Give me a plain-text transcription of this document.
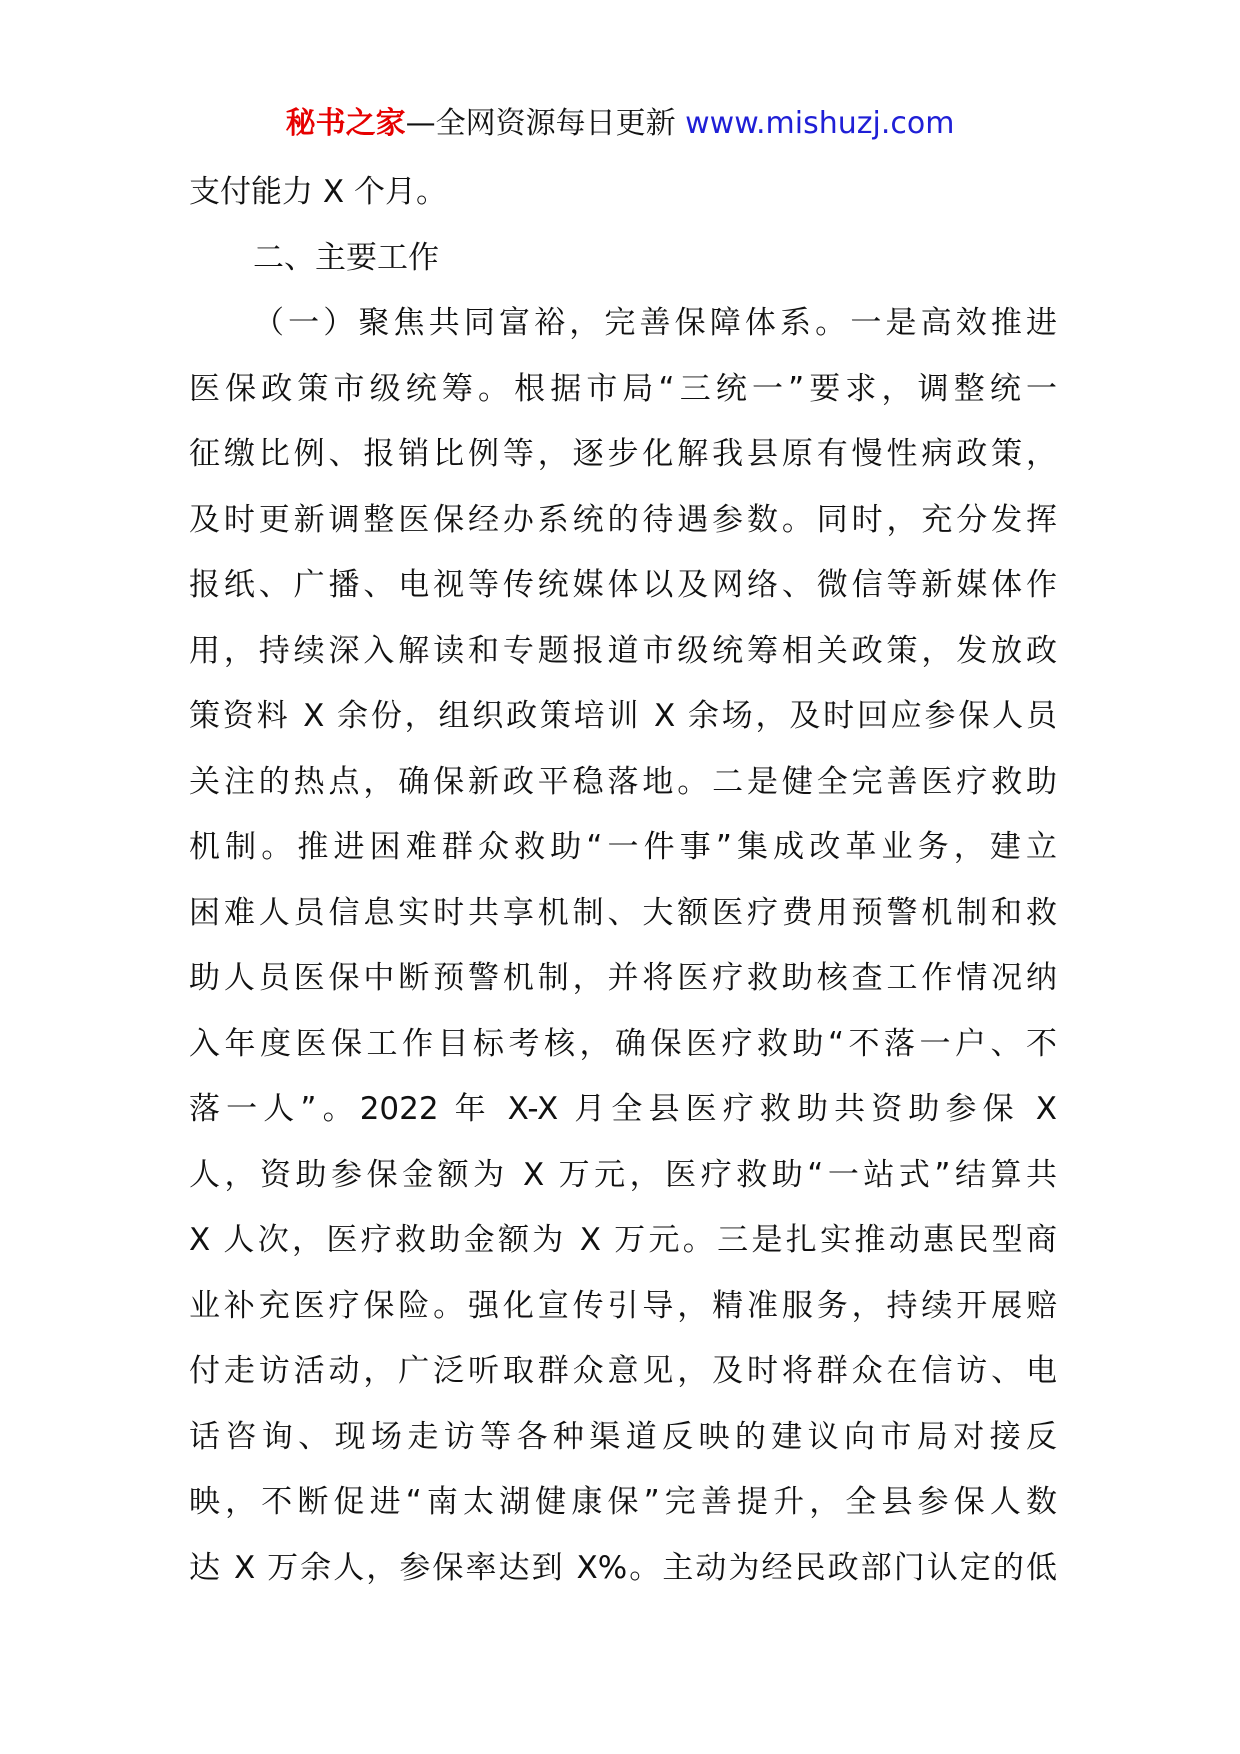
秘书之家—全网资源每日更新 www.mishuzj.com
支付能力 X 个月。
二、主要工作
（一）聚焦共同富裕，完善保障体系。一是高效推进
医保政策市级统筹。根据市局“三统一”要求，调整统一
征缴比例、报销比例等，逐步化解我县原有慢性病政策，
及时更新调整医保经办系统的待遇参数。同时，充分发挥
报纸、广播、电视等传统媒体以及网络、微信等新媒体作
用，持续深入解读和专题报道市级统筹相关政策，发放政
策资料 X 余份，组织政策培训 X 余场，及时回应参保人员
关注的热点，确保新政平稳落地。二是健全完善医疗救助
机制。推进困难群众救助“一件事”集成改革业务，建立
困难人员信息实时共享机制、大额医疗费用预警机制和救
助人员医保中断预警机制，并将医疗救助核查工作情况纳
入年度医保工作目标考核，确保医疗救助“不落一户、不
落一人”。2022 年 X-X 月全县医疗救助共资助参保 X
人，资助参保金额为 X 万元，医疗救助“一站式”结算共
X 人次，医疗救助金额为 X 万元。三是扎实推动惠民型商
业补充医疗保险。强化宣传引导，精准服务，持续开展赔
付走访活动，广泛听取群众意见，及时将群众在信访、电
话咨询、现场走访等各种渠道反映的建议向市局对接反
映，不断促进“南太湖健康保”完善提升，全县参保人数
达 X 万余人，参保率达到 X%。主动为经民政部门认定的低
